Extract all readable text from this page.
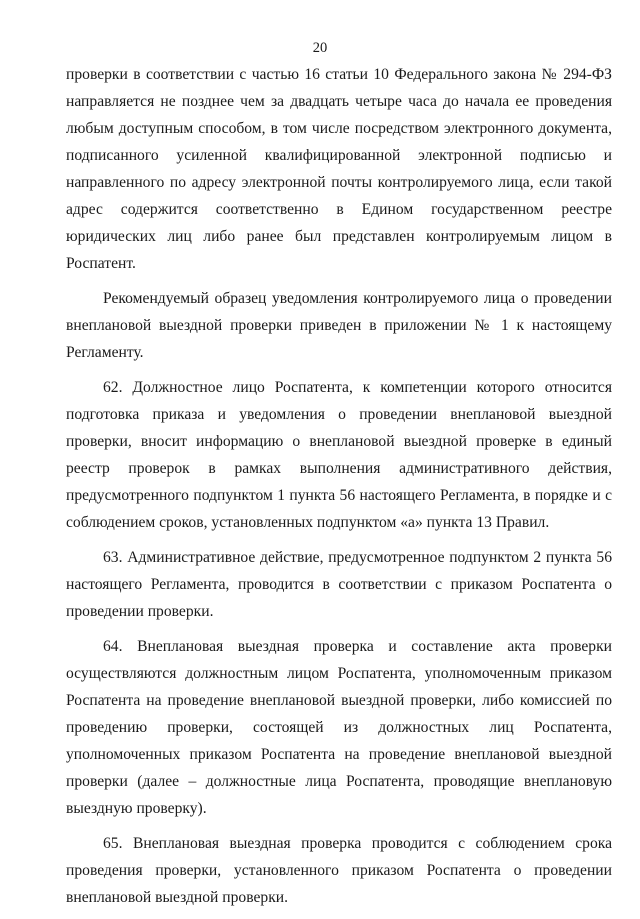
20

проверки в соответствии с частью 16 статьи 10 Федерального закона № 294-ФЗ направляется не позднее чем за двадцать четыре часа до начала ее проведения любым доступным способом, в том числе посредством электронного документа, подписанного усиленной квалифицированной электронной подписью и направленного по адресу электронной почты контролируемого лица, если такой адрес содержится соответственно в Едином государственном реестре юридических лиц либо ранее был представлен контролируемым лицом в Роспатент.

Рекомендуемый образец уведомления контролируемого лица о проведении внеплановой выездной проверки приведен в приложении № 1 к настоящему Регламенту.

62. Должностное лицо Роспатента, к компетенции которого относится подготовка приказа и уведомления о проведении внеплановой выездной проверки, вносит информацию о внеплановой выездной проверке в единый реестр проверок в рамках выполнения административного действия, предусмотренного подпунктом 1 пункта 56 настоящего Регламента, в порядке и с соблюдением сроков, установленных подпунктом «а» пункта 13 Правил.

63. Административное действие, предусмотренное подпунктом 2 пункта 56 настоящего Регламента, проводится в соответствии с приказом Роспатента о проведении проверки.

64. Внеплановая выездная проверка и составление акта проверки осуществляются должностным лицом Роспатента, уполномоченным приказом Роспатента на проведение внеплановой выездной проверки, либо комиссией по проведению проверки, состоящей из должностных лиц Роспатента, уполномоченных приказом Роспатента на проведение внеплановой выездной проверки (далее – должностные лица Роспатента, проводящие внеплановую выездную проверку).

65. Внеплановая выездная проверка проводится с соблюдением срока проведения проверки, установленного приказом Роспатента о проведении внеплановой выездной проверки.
